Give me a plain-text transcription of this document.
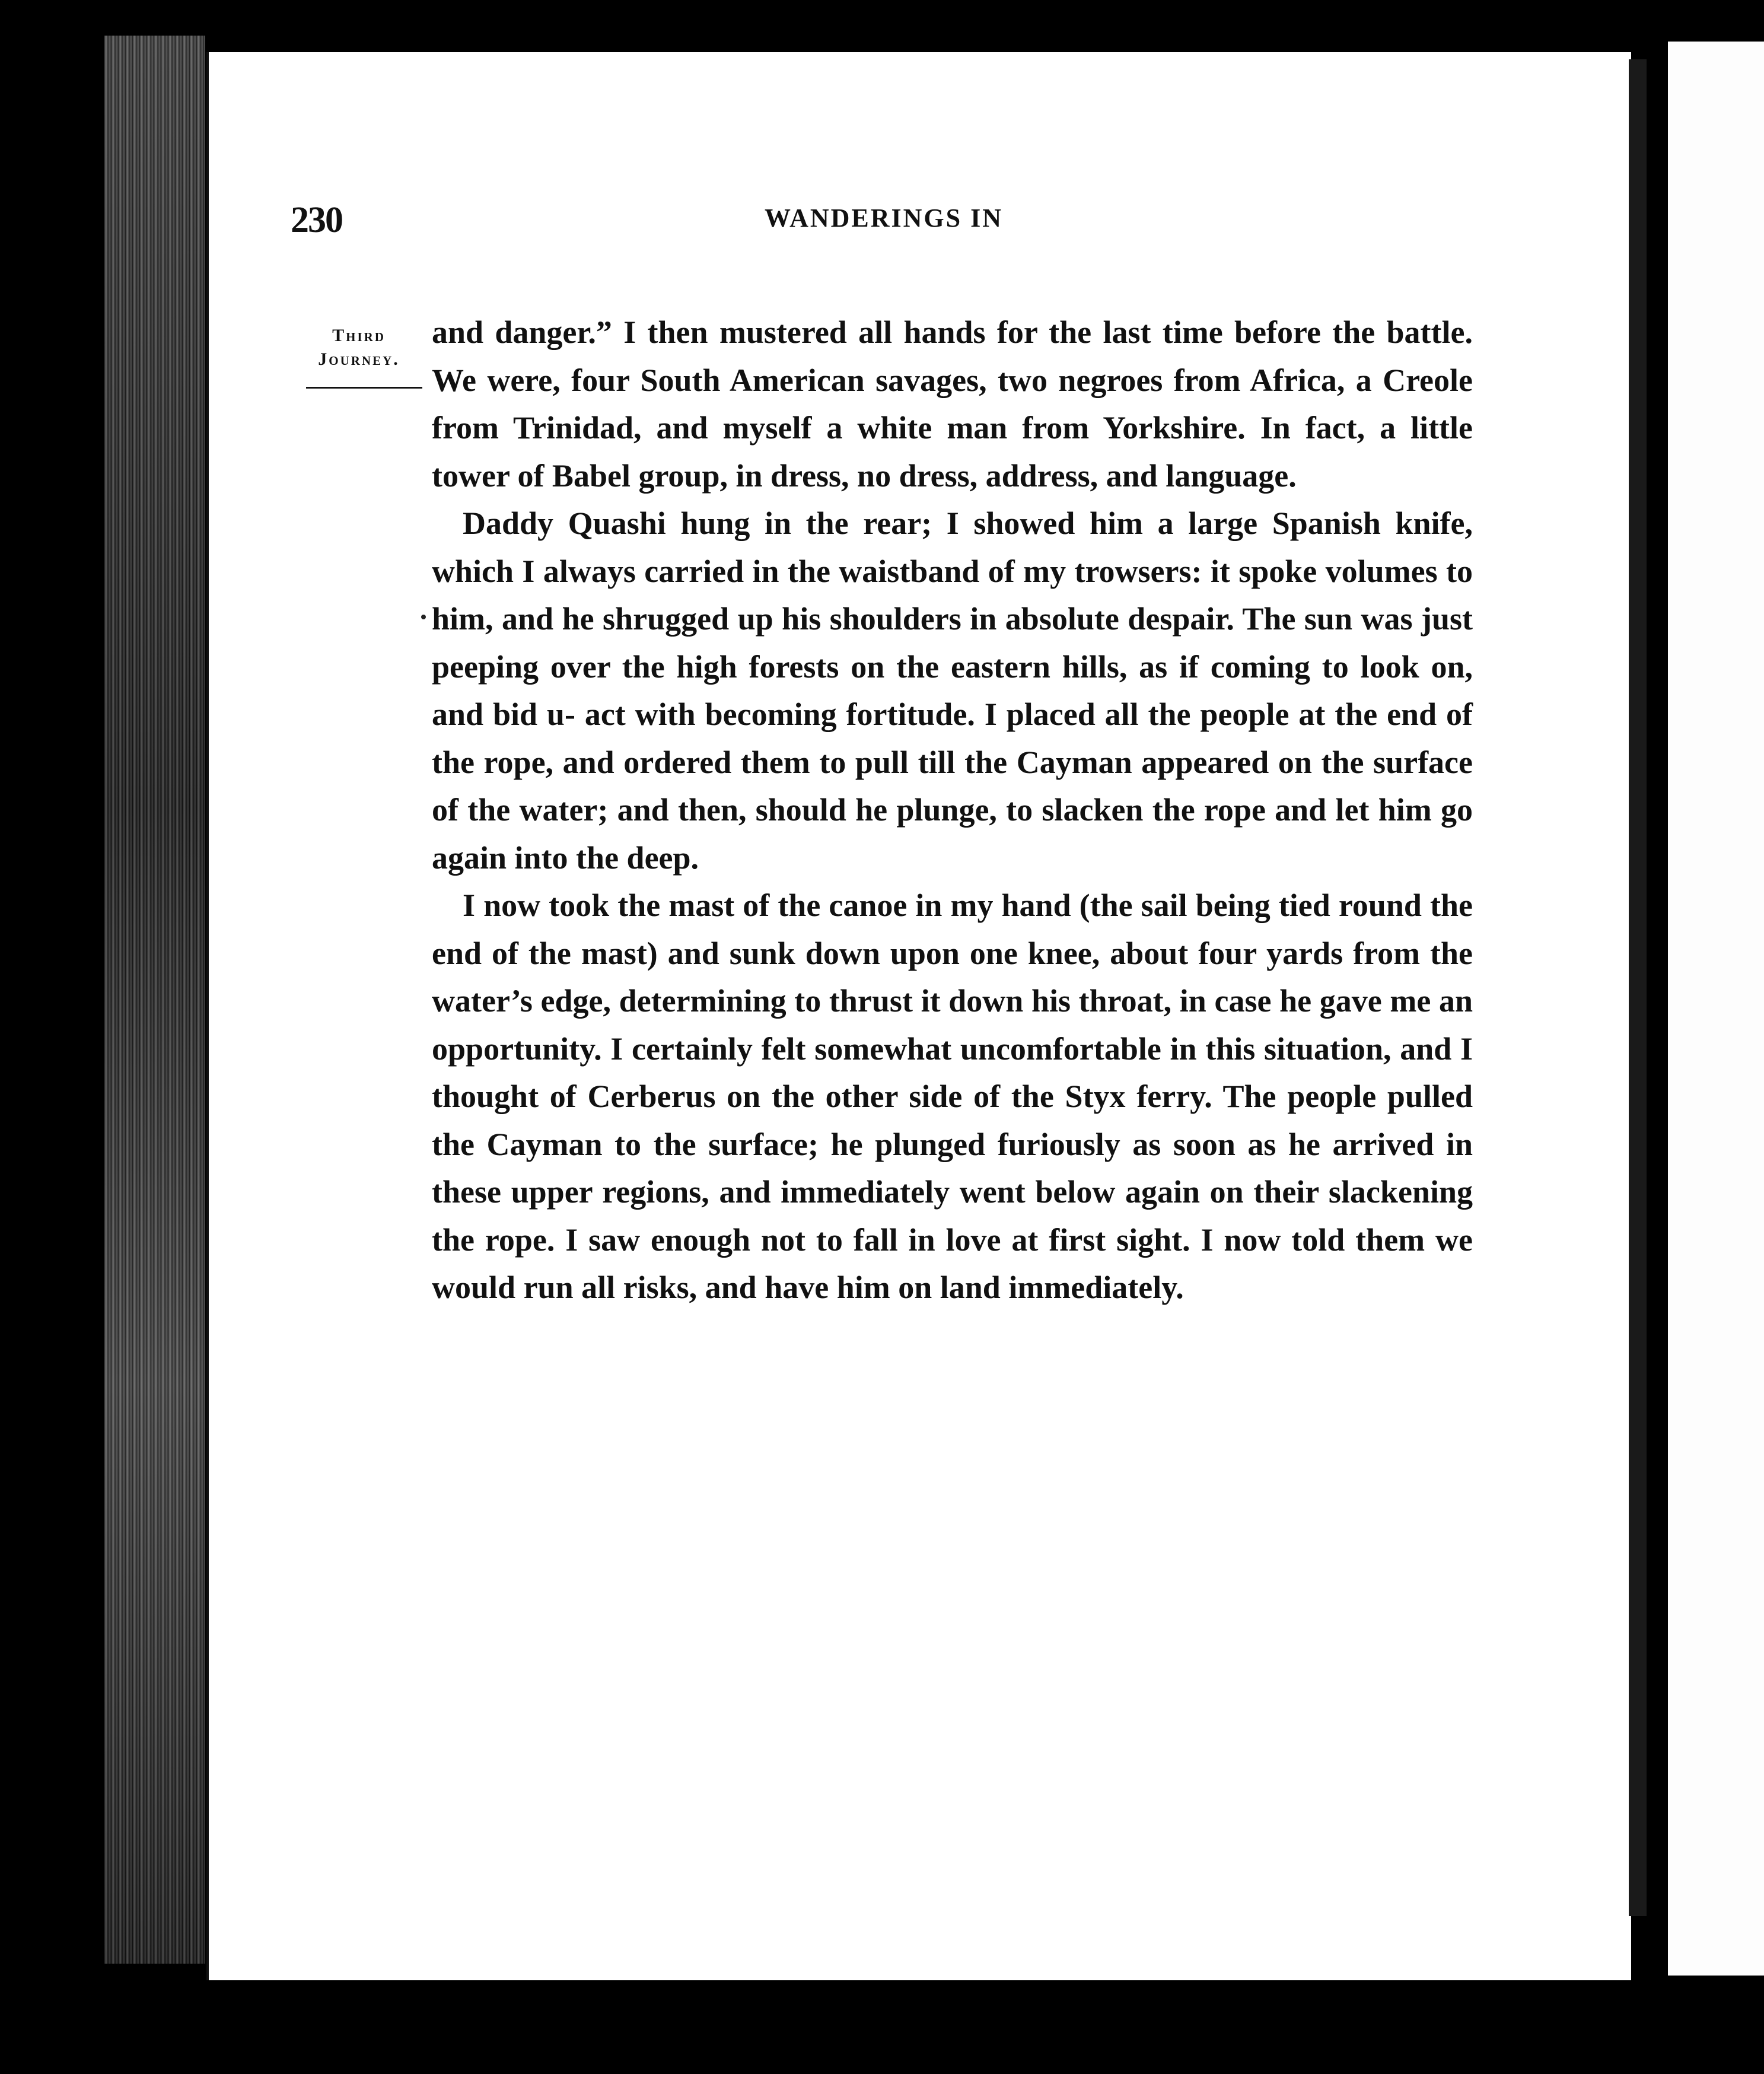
230	WANDERINGS IN
Third
Journey.

and danger.” I then mustered all hands for the last time before the battle. We were, four South American savages, two negroes from Africa, a Creole from Trinidad, and myself a white man from Yorkshire. In fact, a little tower of Babel group, in dress, no dress, address, and language.

Daddy Quashi hung in the rear; I showed him a large Spanish knife, which I always carried in the waistband of my trowsers: it spoke volumes to him, and he shrugged up his shoulders in absolute despair. The sun was just peeping over the high forests on the eastern hills, as if coming to look on, and bid u- act with becoming fortitude. I placed all the people at the end of the rope, and ordered them to pull till the Cayman appeared on the surface of the water; and then, should he plunge, to slacken the rope and let him go again into the deep.

I now took the mast of the canoe in my hand (the sail being tied round the end of the mast) and sunk down upon one knee, about four yards from the water’s edge, determining to thrust it down his throat, in case he gave me an opportunity. I certainly felt somewhat uncomfortable in this situation, and I thought of Cerberus on the other side of the Styx ferry. The people pulled the Cayman to the surface; he plunged furiously as soon as he arrived in these upper regions, and immediately went below again on their slackening the rope. I saw enough not to fall in love at first sight. I now told them we would run all risks, and have him on land immediately.
